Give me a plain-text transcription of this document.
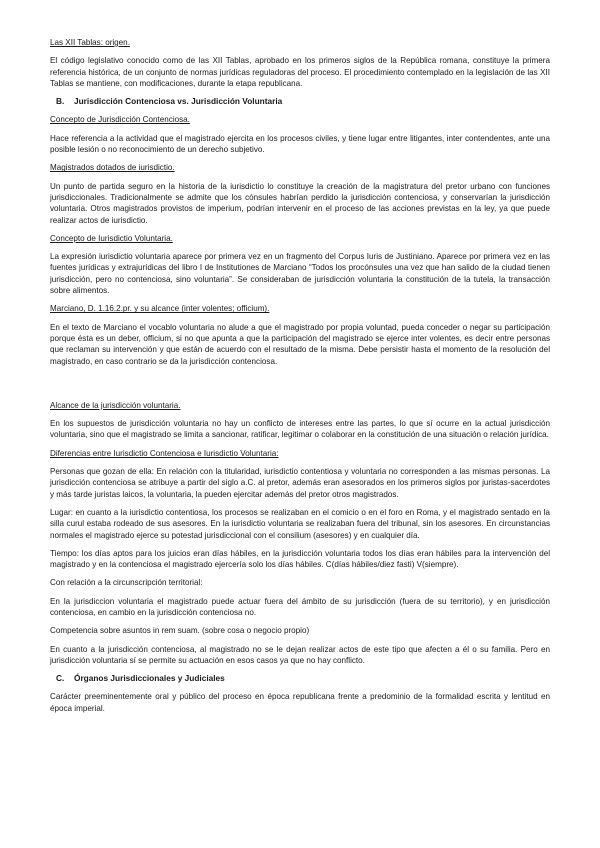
Las XII Tablas: origen.

El código legislativo conocido como de las XII Tablas, aprobado en los primeros siglos de la República romana, constituye la primera referencia histórica, de un conjunto de normas jurídicas reguladoras del proceso. El procedimiento contemplado en la legislación de las XII Tablas se mantiene, con modificaciones, durante la etapa republicana.

B. Jurisdicción Contenciosa vs. Jurisdicción Voluntaria
Concepto de Jurisdicción Contenciosa.

Hace referencia a la actividad que el magistrado ejercita en los procesos civiles, y tiene lugar entre litigantes, inter contendentes, ante una posible lesión o no reconocimiento de un derecho subjetivo.

Magistrados dotados de iurisdictio.

Un punto de partida seguro en la historia de la iurisdictio lo constituye la creación de la magistratura del pretor urbano con funciones jurisdiccionales. Tradicionalmente se admite que los cónsules habrían perdido la jurisdicción contenciosa, y conservarían la jurisdicción voluntaria. Otros magistrados provistos de imperium, podrían intervenir en el proceso de las acciones previstas en la ley, ya que puede realizar actos de iurisdictio.

Concepto de Iurisdictio Voluntaria.

La expresión iurisdictio voluntaria aparece por primera vez en un fragmento del Corpus Iuris de Justiniano. Aparece por primera vez en las fuentes jurídicas y extrajurídicas del libro I de Institutiones de Marciano “Todos los procónsules una vez que han salido de la ciudad tienen jurisdicción, pero no contenciosa, sino voluntaria”. Se consideraban de jurisdicción voluntaria la constitución de la tutela, la transacción sobre alimentos.

Marciano, D. 1.16.2.pr. y su alcance (inter volentes; officium).

En el texto de Marciano el vocablo voluntaria no alude a que el magistrado por propia voluntad, pueda conceder o negar su participación porque ésta es un deber, officium, si no que apunta a que la participación del magistrado se ejerce inter volentes, es decir entre personas que reclaman su intervención y que están de acuerdo con el resultado de la misma. Debe persistir hasta el momento de la resolución del magistrado, en caso contrario se da la jurisdicción contenciosa.

Alcance de la jurisdicción voluntaria.

En los supuestos de jurisdicción voluntaria no hay un conflicto de intereses entre las partes, lo que sí ocurre en la actual jurisdicción voluntaria, sino que el magistrado se limita a sancionar, ratificar, legitimar o colaborar en la constitución de una situación o relación jurídica.

Diferencias entre Iurisdictio Contenciosa e Iurisdictio Voluntaria:

Personas que gozan de ella: En relación con la titularidad, iurisdictio contentiosa y voluntaria no corresponden a las mismas personas. La jurisdicción contenciosa se atribuye a partir del siglo a.C. al pretor, además eran asesorados en los primeros siglos por juristas-sacerdotes y más tarde juristas laicos, la voluntaria, la pueden ejercitar además del pretor otros magistrados.

Lugar: en cuanto a la iurisdictio contentiosa, los procesos se realizaban en el comicio o en el foro en Roma, y el magistrado sentado en la silla curul estaba rodeado de sus asesores. En la iurisdictio voluntaria se realizaban fuera del tribunal, sin los asesores. En circunstancias normales el magistrado ejerce su potestad jurisdiccional con el consilium (asesores) y en cualquier día.

Tiempo: los días aptos para los juicios eran días hábiles, en la jurisdicción voluntaria todos los días eran hábiles para la intervención del magistrado y en la contenciosa el magistrado ejercería solo los días hábiles. C(días hábiles/diez fasti) V(siempre).

Con relación a la circunscripción territorial:

En la jurisdiccion voluntaria el magistrado puede actuar fuera del ámbito de su jurisdicción (fuera de su territorio), y en jurisdicción contenciosa, en cambio en la jurisdicción contenciosa no.

Competencia sobre asuntos in rem suam. (sobre cosa o negocio propio)

En cuanto a la jurisdicción contenciosa, al magistrado no se le dejan realizar actos de este tipo que afecten a él o su familia. Pero en jurisdicción voluntaria sí se permite su actuación en esos casos ya que no hay conflicto.

C. Órganos Jurisdiccionales y Judiciales

Carácter preeminentemente oral y público del proceso en época republicana frente a predominio de la formalidad escrita y lentitud en época imperial.
